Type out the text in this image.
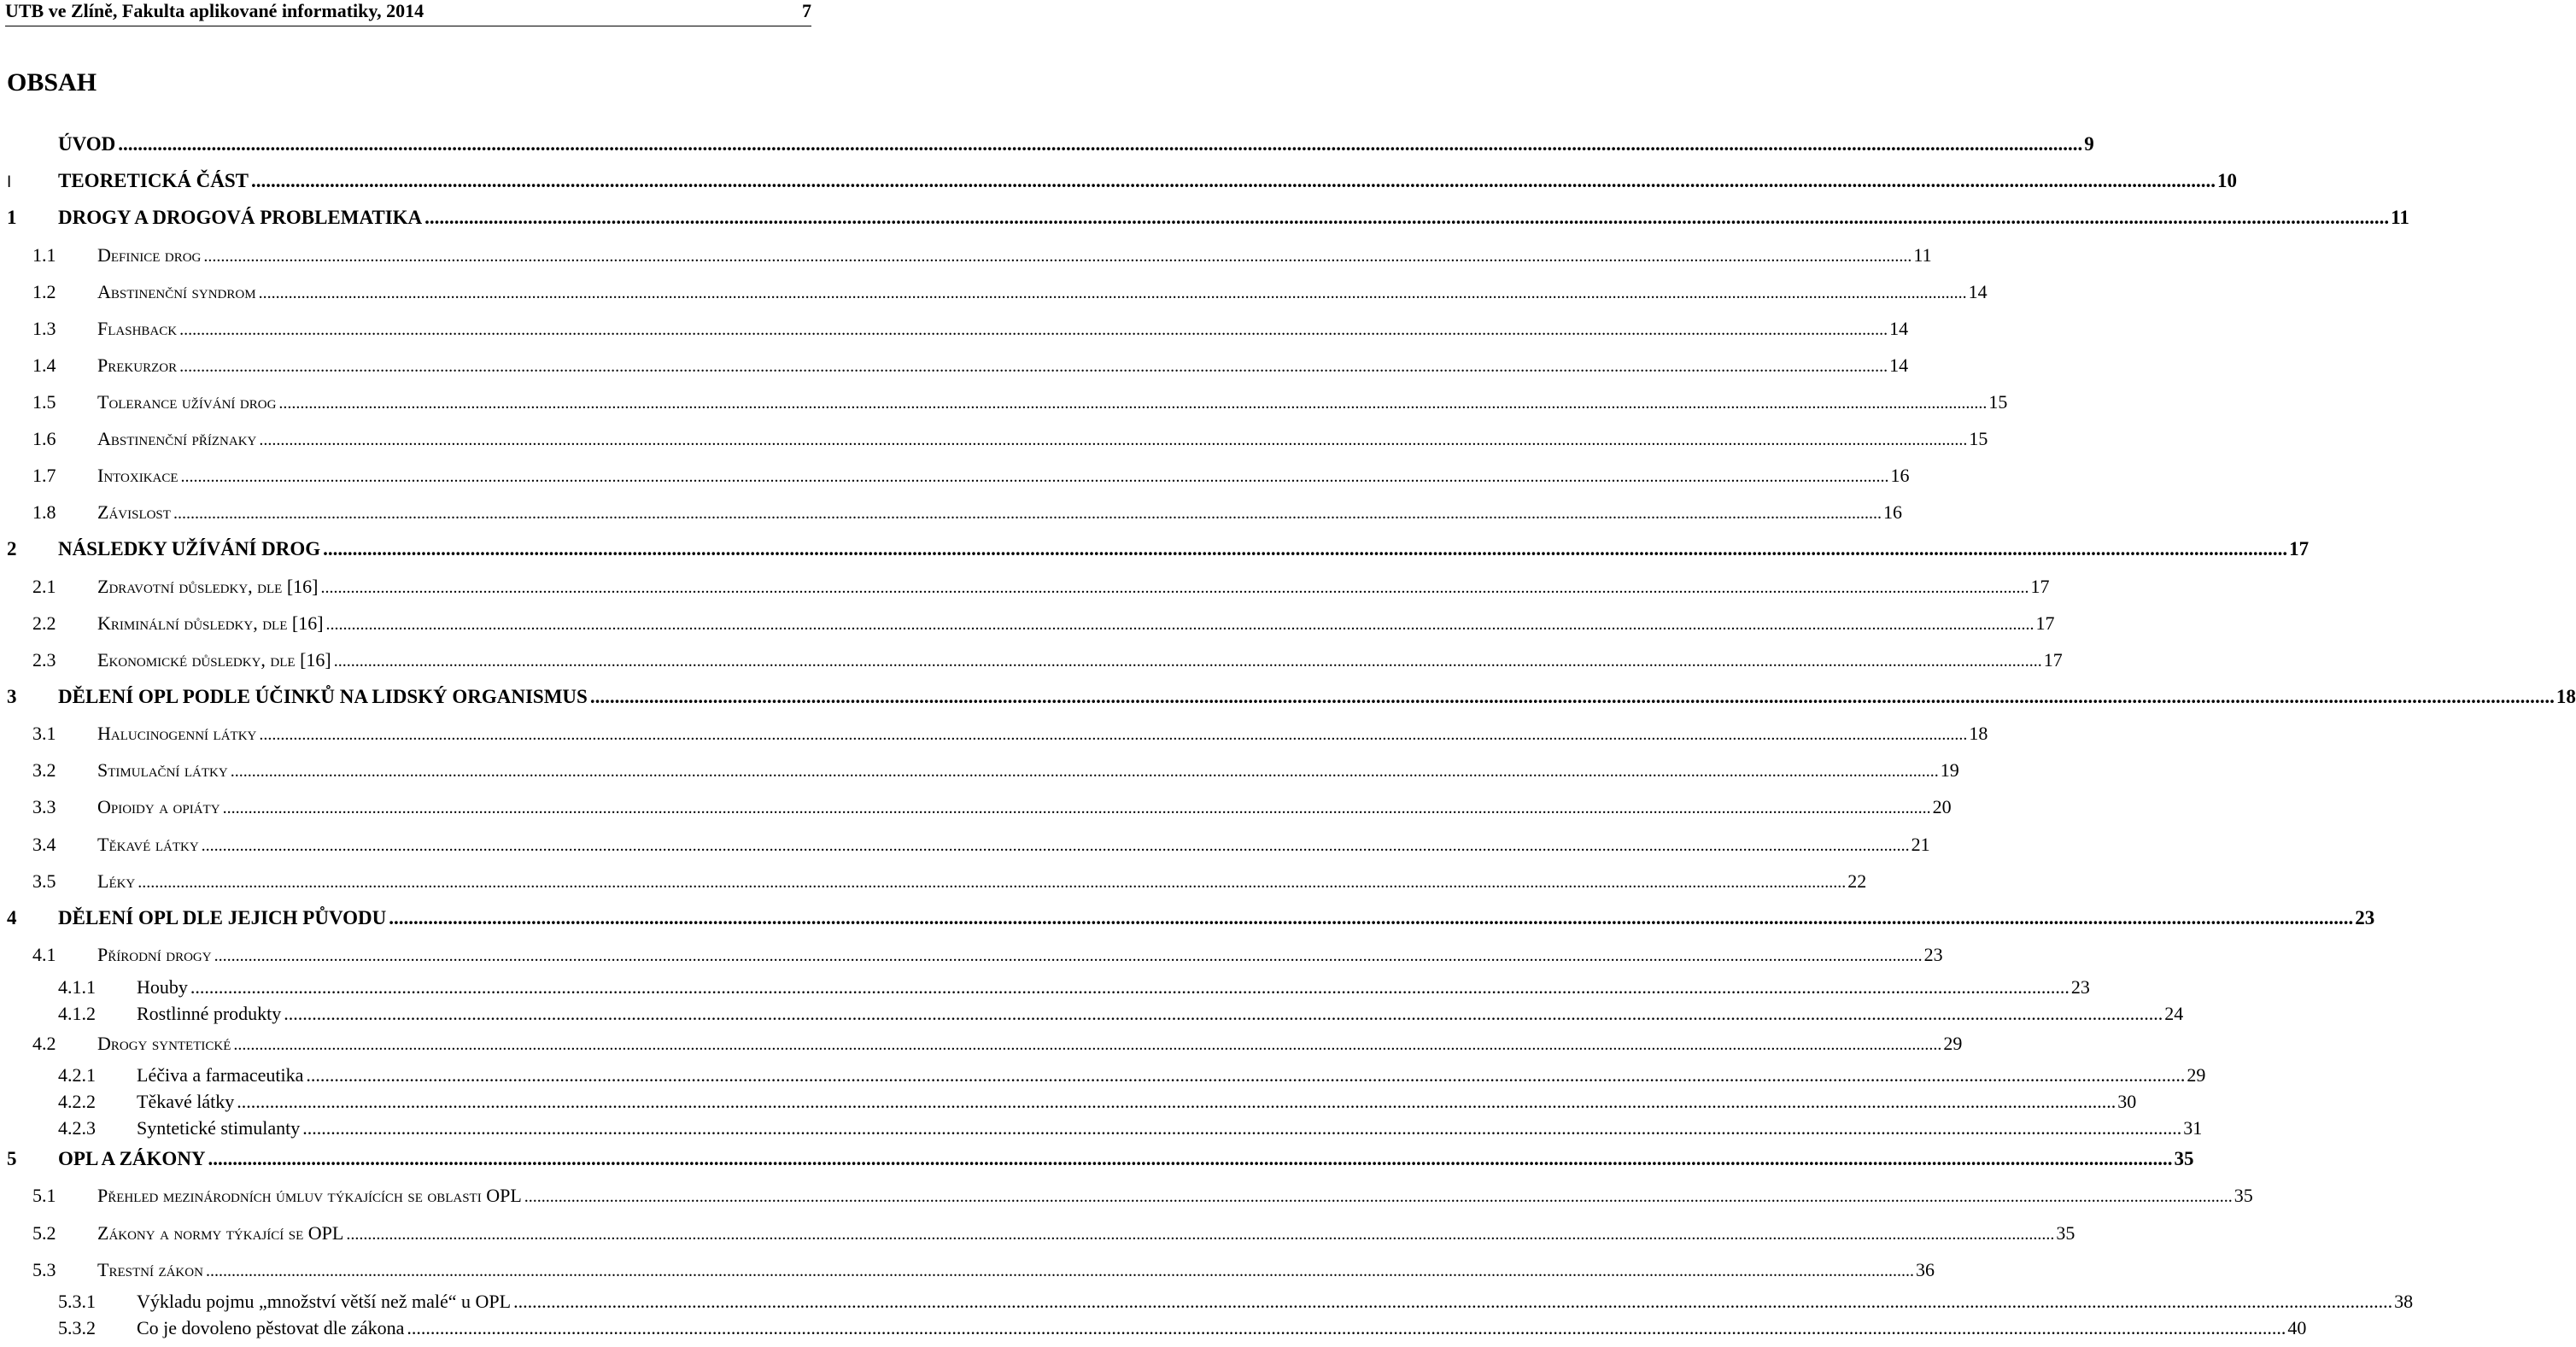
UTB ve Zlíně, Fakulta aplikované informatiky, 2014	7
OBSAH
ÚVOD ................................................................................................................................................................................................................................................................................................................................................................................................................ 9
I TEORETICKÁ ČÁST ................................................................................................................................................................................................................................................................................................................................................................................................................ 10
1 DROGY A DROGOVÁ PROBLEMATIKA ................................................................................................................................................................................................................................................................................................................................................................................................................ 11
1.1 Definice drog ................................................................................................................................................................................................................................................................................................................................................................................................................ 11
1.2 Abstinenční syndrom ................................................................................................................................................................................................................................................................................................................................................................................................................ 14
1.3 Flashback ................................................................................................................................................................................................................................................................................................................................................................................................................ 14
1.4 Prekurzor ................................................................................................................................................................................................................................................................................................................................................................................................................ 14
1.5 Tolerance užívání drog ................................................................................................................................................................................................................................................................................................................................................................................................................ 15
1.6 Abstinenční příznaky ................................................................................................................................................................................................................................................................................................................................................................................................................ 15
1.7 Intoxikace ................................................................................................................................................................................................................................................................................................................................................................................................................ 16
1.8 Závislost ................................................................................................................................................................................................................................................................................................................................................................................................................ 16
2 NÁSLEDKY UŽÍVÁNÍ DROG ................................................................................................................................................................................................................................................................................................................................................................................................................ 17
2.1 Zdravotní důsledky, dle [16] ................................................................................................................................................................................................................................................................................................................................................................................................................ 17
2.2 Kriminální důsledky, dle [16] ................................................................................................................................................................................................................................................................................................................................................................................................................ 17
2.3 Ekonomické důsledky, dle [16] ................................................................................................................................................................................................................................................................................................................................................................................................................ 17
3 DĚLENÍ OPL PODLE ÚČINKŮ NA LIDSKÝ ORGANISMUS ................................................................................................................................................................................................................................................................................................................................................................................................................ 18
3.1 Halucinogenní látky ................................................................................................................................................................................................................................................................................................................................................................................................................ 18
3.2 Stimulační látky ................................................................................................................................................................................................................................................................................................................................................................................................................ 19
3.3 Opioidy a opiáty ................................................................................................................................................................................................................................................................................................................................................................................................................ 20
3.4 Těkavé látky ................................................................................................................................................................................................................................................................................................................................................................................................................ 21
3.5 Léky ................................................................................................................................................................................................................................................................................................................................................................................................................ 22
4 DĚLENÍ OPL DLE JEJICH PŮVODU ................................................................................................................................................................................................................................................................................................................................................................................................................ 23
4.1 Přírodní drogy ................................................................................................................................................................................................................................................................................................................................................................................................................ 23
4.1.1 Houby ................................................................................................................................................................................................................................................................................................................................................................................................................ 23
4.1.2 Rostlinné produkty ................................................................................................................................................................................................................................................................................................................................................................................................................ 24
4.2 Drogy syntetické ................................................................................................................................................................................................................................................................................................................................................................................................................ 29
4.2.1 Léčiva a farmaceutika ................................................................................................................................................................................................................................................................................................................................................................................................................ 29
4.2.2 Těkavé látky ................................................................................................................................................................................................................................................................................................................................................................................................................ 30
4.2.3 Syntetické stimulanty ................................................................................................................................................................................................................................................................................................................................................................................................................ 31
5 OPL A ZÁKONY ................................................................................................................................................................................................................................................................................................................................................................................................................ 35
5.1 Přehled mezinárodních úmluv týkajících se oblasti OPL ................................................................................................................................................................................................................................................................................................................................................................................................................ 35
5.2 Zákony a normy týkající se OPL ................................................................................................................................................................................................................................................................................................................................................................................................................ 35
5.3 Trestní zákon ................................................................................................................................................................................................................................................................................................................................................................................................................ 36
5.3.1 Výkladu pojmu „množství větší než malé“ u OPL ................................................................................................................................................................................................................................................................................................................................................................................................................ 38
5.3.2 Co je dovoleno pěstovat dle zákona ................................................................................................................................................................................................................................................................................................................................................................................................................ 40
